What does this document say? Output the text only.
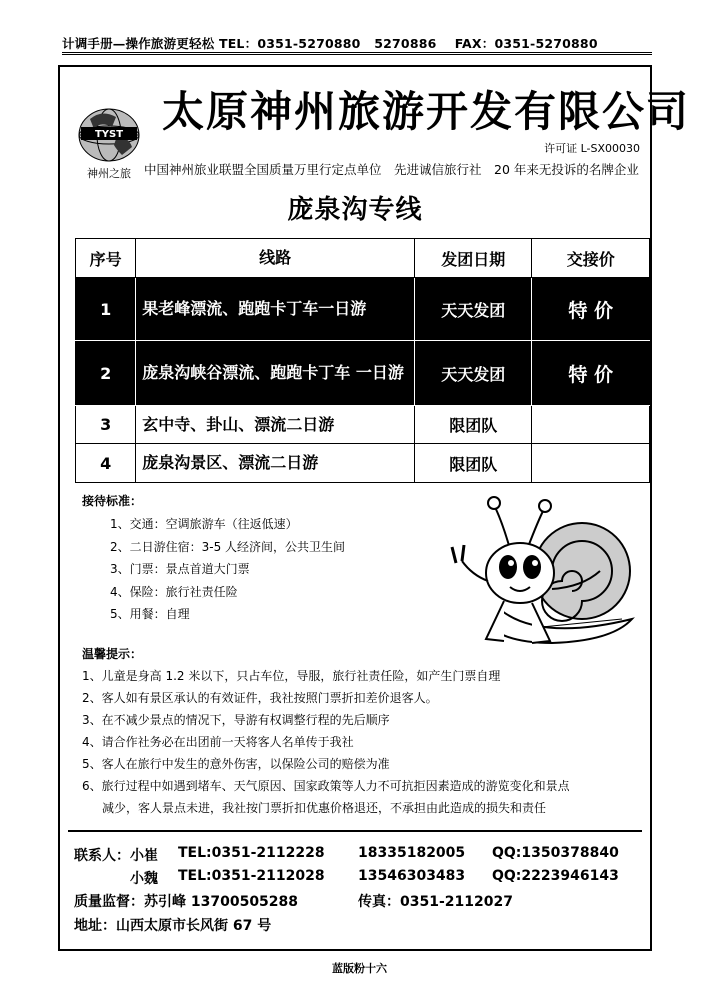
计调手册—操作旅游更轻松 TEL：0351-5270880 5270886 FAX：0351-5270880
TYST
神州之旅
太原神州旅游开发有限公司
许可证 L-SX00030
中国神州旅业联盟全国质量万里行定点单位　先进诚信旅行社　20 年来无投诉的名牌企业
庞泉沟专线
序号	线路	发团日期	交接价
1	果老峰漂流、跑跑卡丁车一日游	天天发团	特 价
2	庞泉沟峡谷漂流、跑跑卡丁车 一日游	天天发团	特 价
3	玄中寺、卦山、漂流二日游	限团队	
4	庞泉沟景区、漂流二日游	限团队	
接待标准：
1、交通：空调旅游车（往返低速）
2、二日游住宿：3-5 人经济间，公共卫生间
3、门票：景点首道大门票
4、保险：旅行社责任险
5、用餐：自理
温馨提示：
1、儿童是身高 1.2 米以下，只占车位，导服，旅行社责任险，如产生门票自理
2、客人如有景区承认的有效证件，我社按照门票折扣差价退客人。
3、在不减少景点的情况下，导游有权调整行程的先后顺序
4、请合作社务必在出团前一天将客人名单传于我社
5、客人在旅行中发生的意外伤害，以保险公司的赔偿为准
6、旅行过程中如遇到堵车、天气原因、国家政策等人力不可抗拒因素造成的游览变化和景点
减少，客人景点未进，我社按门票折扣优惠价格退还，不承担由此造成的损失和责任
联系人：小崔 TEL:0351-2112228 18335182005 QQ:1350378840
小魏 TEL:0351-2112028 13546303483 QQ:2223946143
质量监督：苏引峰 13700505288	传真：0351-2112027
地址：山西太原市长风街 67 号
蓝版粉十六
